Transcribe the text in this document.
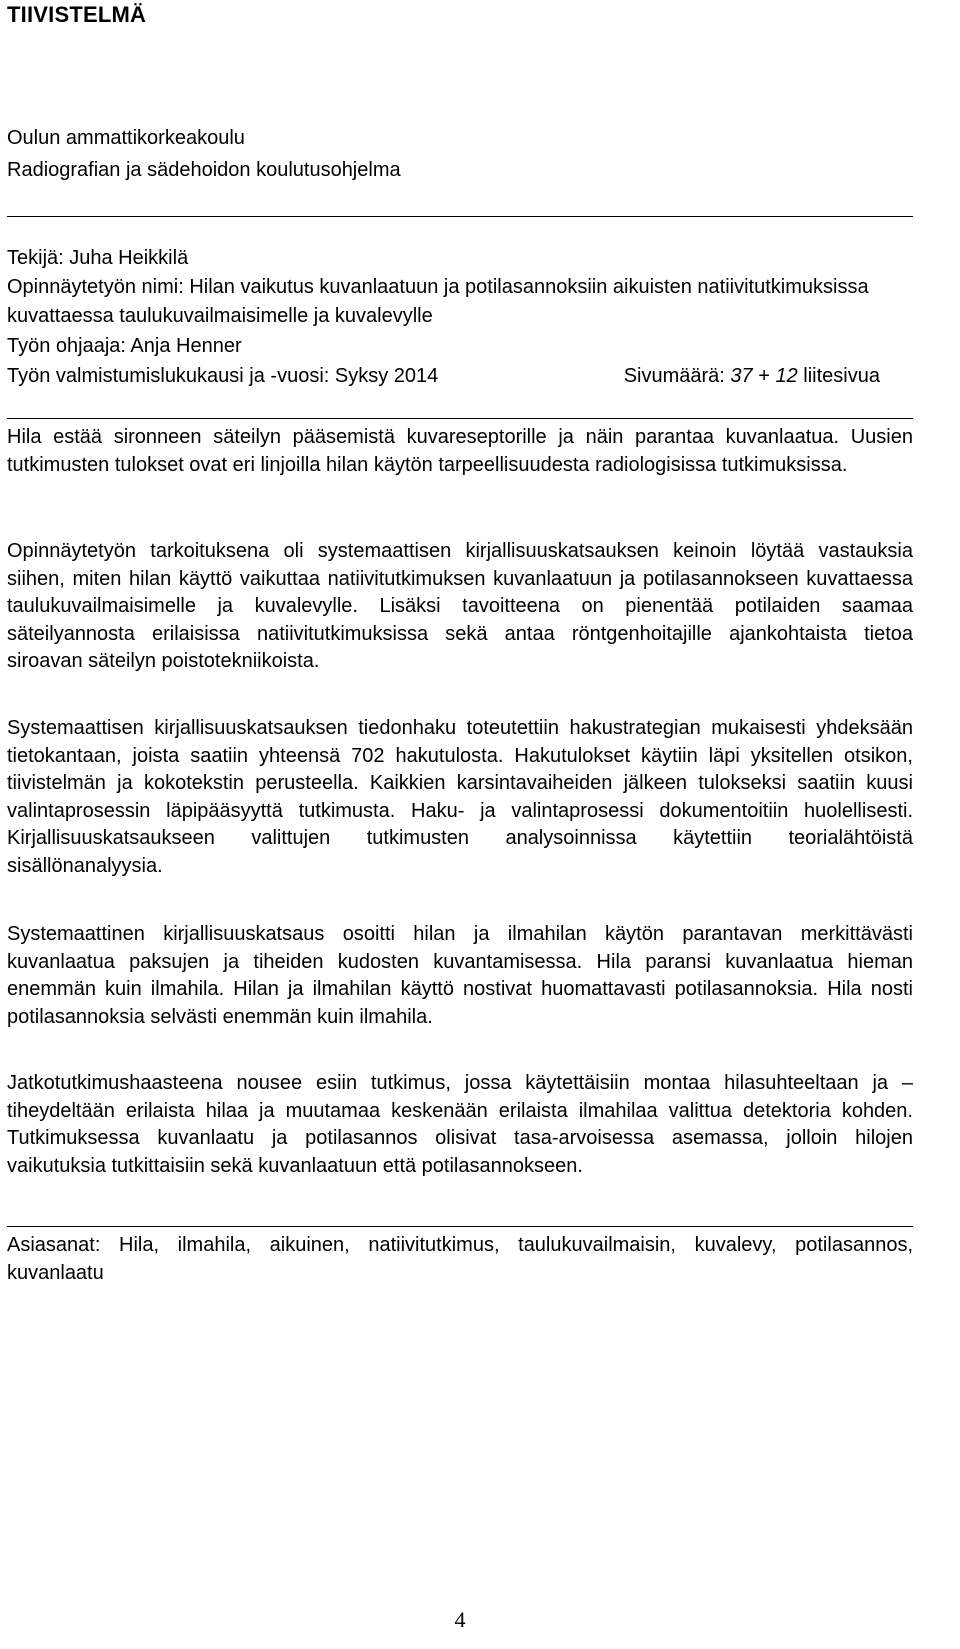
TIIVISTELMÄ
Oulun ammattikorkeakoulu
Radiografian ja sädehoidon koulutusohjelma
Tekijä: Juha Heikkilä
Opinnäytetyön nimi: Hilan vaikutus kuvanlaatuun ja potilasannoksiin aikuisten natiivitutkimuksissa
kuvattaessa taulukuvailmaisimelle ja kuvalevylle
Työn ohjaaja: Anja Henner
Työn valmistumislukukausi ja -vuosi: Syksy 2014	Sivumäärä: 37 + 12 liitesivua

Hila estää sironneen säteilyn pääsemistä kuvareseptorille ja näin parantaa kuvanlaatua. Uusien tutkimusten tulokset ovat eri linjoilla hilan käytön tarpeellisuudesta radiologisissa tutkimuksissa.

Opinnäytetyön tarkoituksena oli systemaattisen kirjallisuuskatsauksen keinoin löytää vastauksia siihen, miten hilan käyttö vaikuttaa natiivitutkimuksen kuvanlaatuun ja potilasannokseen kuvattaessa taulukuvailmaisimelle ja kuvalevylle. Lisäksi tavoitteena on pienentää potilaiden saamaa säteilyannosta erilaisissa natiivitutkimuksissa sekä antaa röntgenhoitajille ajankohtaista tietoa siroavan säteilyn poistotekniikoista.

Systemaattisen kirjallisuuskatsauksen tiedonhaku toteutettiin hakustrategian mukaisesti yhdeksään tietokantaan, joista saatiin yhteensä 702 hakutulosta. Hakutulokset käytiin läpi yksitellen otsikon, tiivistelmän ja kokotekstin perusteella. Kaikkien karsintavaiheiden jälkeen tulokseksi saatiin kuusi valintaprosessin läpipääsyyttä tutkimusta. Haku- ja valintaprosessi dokumentoitiin huolellisesti. Kirjallisuuskatsaukseen valittujen tutkimusten analysoinnissa käytettiin teorialähtöistä sisällönanalyysia.

Systemaattinen kirjallisuuskatsaus osoitti hilan ja ilmahilan käytön parantavan merkittävästi kuvanlaatua paksujen ja tiheiden kudosten kuvantamisessa. Hila paransi kuvanlaatua hieman enemmän kuin ilmahila. Hilan ja ilmahilan käyttö nostivat huomattavasti potilasannoksia. Hila nosti potilasannoksia selvästi enemmän kuin ilmahila.

Jatkotutkimushaasteena nousee esiin tutkimus, jossa käytettäisiin montaa hilasuhteeltaan ja –tiheydeltään erilaista hilaa ja muutamaa keskenään erilaista ilmahilaa valittua detektoria kohden. Tutkimuksessa kuvanlaatu ja potilasannos olisivat tasa-arvoisessa asemassa, jolloin hilojen vaikutuksia tutkittaisiin sekä kuvanlaatuun että potilasannokseen.

Asiasanat: Hila, ilmahila, aikuinen, natiivitutkimus, taulukuvailmaisin, kuvalevy, potilasannos, kuvanlaatu

4
